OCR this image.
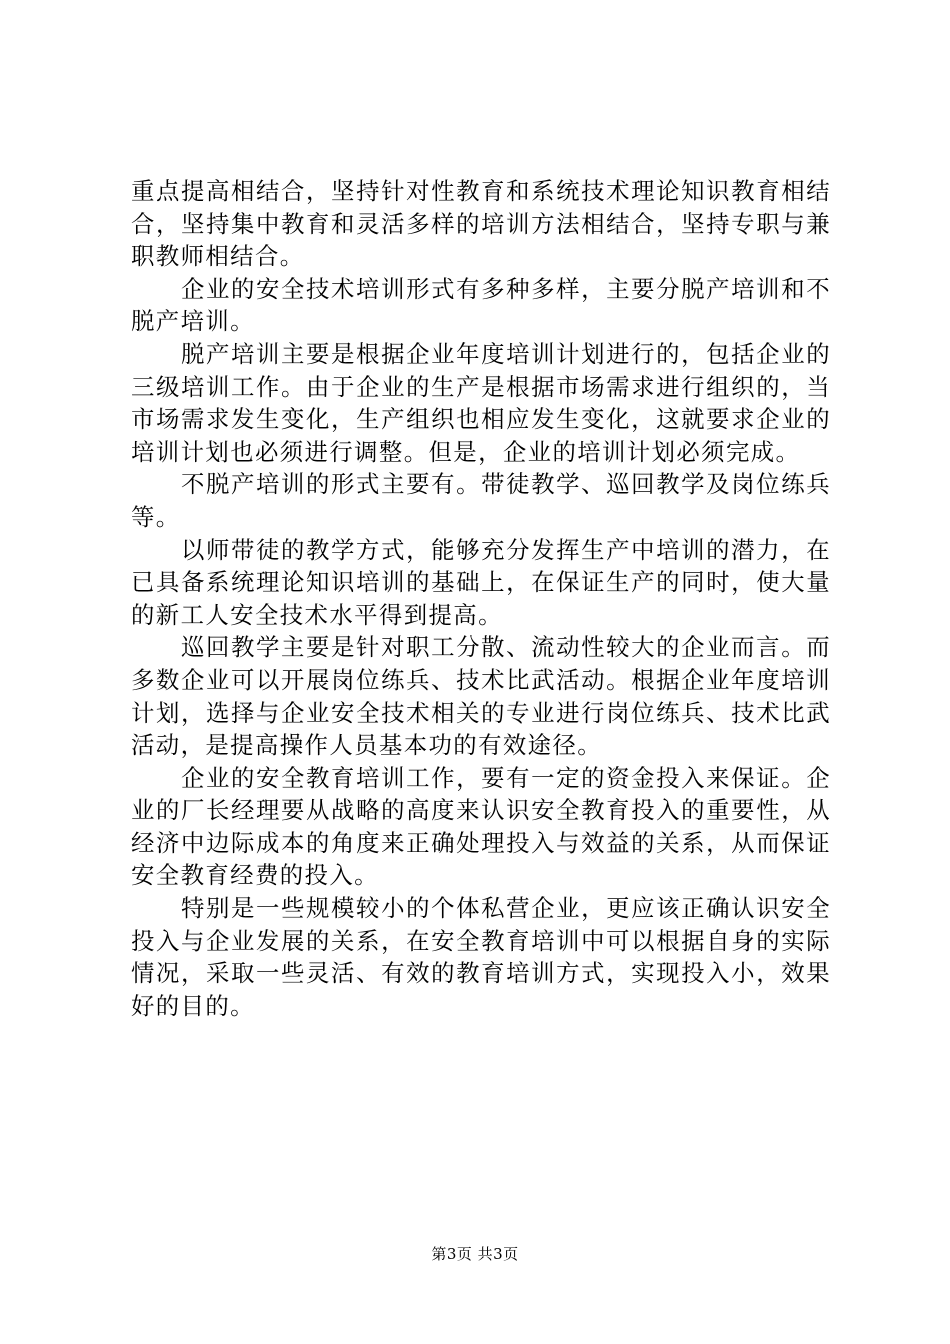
重点提高相结合，坚持针对性教育和系统技术理论知识教育相结合，坚持集中教育和灵活多样的培训方法相结合，坚持专职与兼职教师相结合。

企业的安全技术培训形式有多种多样，主要分脱产培训和不脱产培训。

脱产培训主要是根据企业年度培训计划进行的，包括企业的三级培训工作。由于企业的生产是根据市场需求进行组织的，当市场需求发生变化，生产组织也相应发生变化，这就要求企业的培训计划也必须进行调整。但是，企业的培训计划必须完成。

不脱产培训的形式主要有。带徒教学、巡回教学及岗位练兵等。

以师带徒的教学方式，能够充分发挥生产中培训的潜力，在已具备系统理论知识培训的基础上，在保证生产的同时，使大量的新工人安全技术水平得到提高。

巡回教学主要是针对职工分散、流动性较大的企业而言。而多数企业可以开展岗位练兵、技术比武活动。根据企业年度培训计划，选择与企业安全技术相关的专业进行岗位练兵、技术比武活动，是提高操作人员基本功的有效途径。

企业的安全教育培训工作，要有一定的资金投入来保证。企业的厂长经理要从战略的高度来认识安全教育投入的重要性，从经济中边际成本的角度来正确处理投入与效益的关系，从而保证安全教育经费的投入。

特别是一些规模较小的个体私营企业，更应该正确认识安全投入与企业发展的关系，在安全教育培训中可以根据自身的实际情况，采取一些灵活、有效的教育培训方式，实现投入小，效果好的目的。

第3页 共3页
